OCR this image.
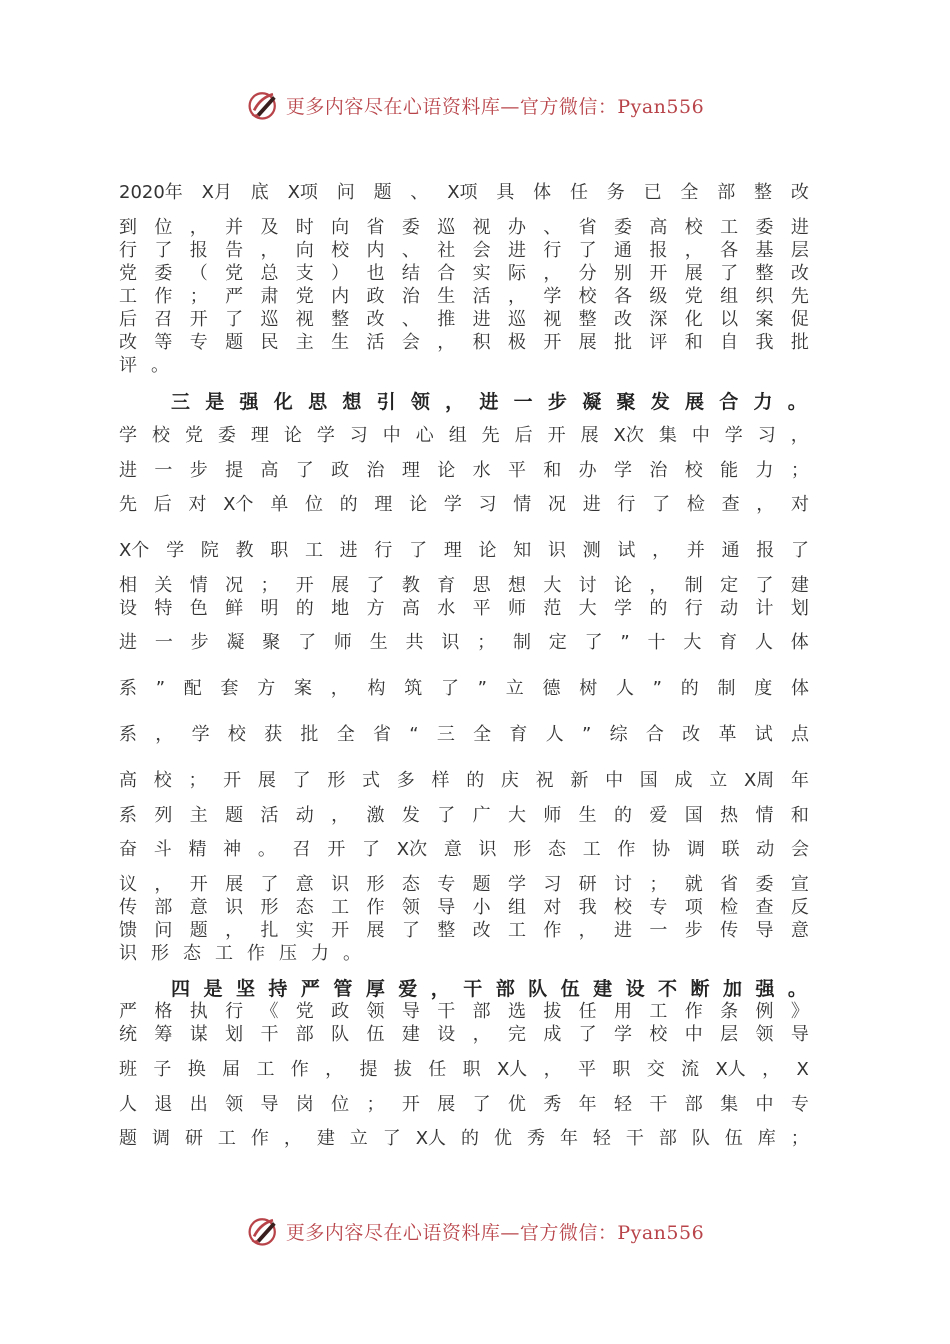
更多内容尽在心语资料库—官方微信：Pyan556
2020年 X月 底 X项 问 题 、 X项 具 体 任 务 已 全 部 整 改
到 位 ， 并 及 时 向 省 委 巡 视 办 、 省 委 高 校 工 委 进
行 了 报 告 ， 向 校 内 、 社 会 进 行 了 通 报 ， 各 基 层
党 委 （ 党 总 支 ） 也 结 合 实 际 ， 分 别 开 展 了 整 改
工 作 ； 严 肃 党 内 政 治 生 活 ， 学 校 各 级 党 组 织 先
后 召 开 了 巡 视 整 改 、 推 进 巡 视 整 改 深 化 以 案 促
改 等 专 题 民 主 生 活 会 ， 积 极 开 展 批 评 和 自 我 批
评 。
三 是 强 化 思 想 引 领 ， 进 一 步 凝 聚 发 展 合 力 。
学 校 党 委 理 论 学 习 中 心 组 先 后 开 展 X次 集 中 学 习 ，
进 一 步 提 高 了 政 治 理 论 水 平 和 办 学 治 校 能 力 ；
先 后 对 X个 单 位 的 理 论 学 习 情 况 进 行 了 检 查 ， 对
X个 学 院 教 职 工 进 行 了 理 论 知 识 测 试 ， 并 通 报 了
相 关 情 况 ； 开 展 了 教 育 思 想 大 讨 论 ， 制 定 了 建
设 特 色 鲜 明 的 地 方 高 水 平 师 范 大 学 的 行 动 计 划
进 一 步 凝 聚 了 师 生 共 识 ； 制 定 了 ” 十 大 育 人 体
系 ” 配 套 方 案 ， 构 筑 了 ” 立 德 树 人 ” 的 制 度 体
系 ， 学 校 获 批 全 省 “ 三 全 育 人 ” 综 合 改 革 试 点
高 校 ； 开 展 了 形 式 多 样 的 庆 祝 新 中 国 成 立 X周 年
系 列 主 题 活 动 ， 激 发 了 广 大 师 生 的 爱 国 热 情 和
奋 斗 精 神 。 召 开 了 X次 意 识 形 态 工 作 协 调 联 动 会
议 ， 开 展 了 意 识 形 态 专 题 学 习 研 讨 ； 就 省 委 宣
传 部 意 识 形 态 工 作 领 导 小 组 对 我 校 专 项 检 查 反
馈 问 题 ， 扎 实 开 展 了 整 改 工 作 ， 进 一 步 传 导 意
识 形 态 工 作 压 力 。
四 是 坚 持 严 管 厚 爱 ， 干 部 队 伍 建 设 不 断 加 强 。
严 格 执 行 《 党 政 领 导 干 部 选 拔 任 用 工 作 条 例 》
统 筹 谋 划 干 部 队 伍 建 设 ， 完 成 了 学 校 中 层 领 导
班 子 换 届 工 作 ， 提 拔 任 职 X人 ， 平 职 交 流 X人 ， X
人 退 出 领 导 岗 位 ； 开 展 了 优 秀 年 轻 干 部 集 中 专
题 调 研 工 作 ， 建 立 了 X人 的 优 秀 年 轻 干 部 队 伍 库 ；
更多内容尽在心语资料库—官方微信：Pyan556
